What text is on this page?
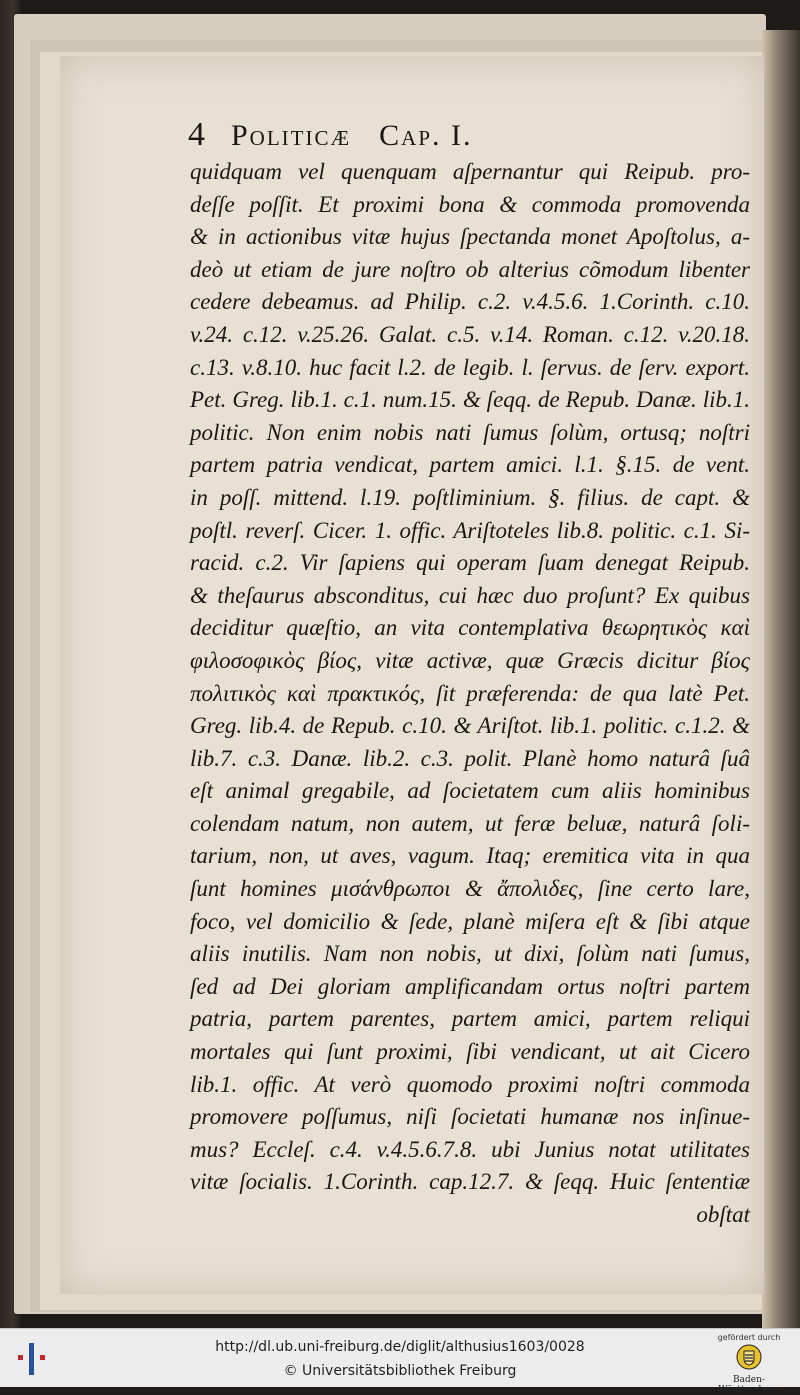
4 Politicæ Cap. I.
quidquam vel quenquam aſpernantur qui Reipub. pro-
deſſe poſſit. Et proximi bona & commoda promovenda
& in actionibus vitæ hujus ſpectanda monet Apoſtolus, a-
deò ut etiam de jure noſtro ob alterius cõmodum libenter
cedere debeamus. ad Philip. c.2. v.4.5.6. 1.Corinth. c.10.
v.24. c.12. v.25.26. Galat. c.5. v.14. Roman. c.12. v.20.18.
c.13. v.8.10. huc facit l.2. de legib. l. ſervus. de ſerv. export.
Pet. Greg. lib.1. c.1. num.15. & ſeqq. de Repub. Danæ. lib.1.
politic. Non enim nobis nati ſumus ſolùm, ortusq; noſtri
partem patria vendicat, partem amici. l.1. §.15. de vent.
in poſſ. mittend. l.19. poſtliminium. §. filius. de capt. &
poſtl. reverſ. Cicer. 1. offic. Ariſtoteles lib.8. politic. c.1. Si-
racid. c.2. Vir ſapiens qui operam ſuam denegat Reipub.
& theſaurus absconditus, cui hæc duo proſunt? Ex quibus
deciditur quæſtio, an vita contemplativa θεωρητικὸς καὶ
φιλοσοφικὸς βίος, vitæ activæ, quæ Græcis dicitur βίος
πολιτικὸς καὶ πρακτικός, ſit præferenda: de qua latè Pet.
Greg. lib.4. de Repub. c.10. & Ariſtot. lib.1. politic. c.1.2. &
lib.7. c.3. Danæ. lib.2. c.3. polit. Planè homo naturâ ſuâ
eſt animal gregabile, ad ſocietatem cum aliis hominibus
colendam natum, non autem, ut feræ beluæ, naturâ ſoli-
tarium, non, ut aves, vagum. Itaq; eremitica vita in qua
ſunt homines μισάνθρωποι & ἄπολιδες, ſine certo lare,
foco, vel domicilio & ſede, planè miſera eſt & ſibi atque
aliis inutilis. Nam non nobis, ut dixi, ſolùm nati ſumus,
ſed ad Dei gloriam amplificandam ortus noſtri partem
patria, partem parentes, partem amici, partem reliqui
mortales qui ſunt proximi, ſibi vendicant, ut ait Cicero
lib.1. offic. At verò quomodo proximi noſtri commoda
promovere poſſumus, niſi ſocietati humanæ nos inſinue-
mus? Eccleſ. c.4. v.4.5.6.7.8. ubi Junius notat utilitates
vitæ ſocialis. 1.Corinth. cap.12.7. & ſeqq. Huic ſententiæ
obſtat
http://dl.ub.uni-freiburg.de/diglit/althusius1603/0028
© Universitätsbibliothek Freiburg
gefördert durch
Baden-Württemberg
